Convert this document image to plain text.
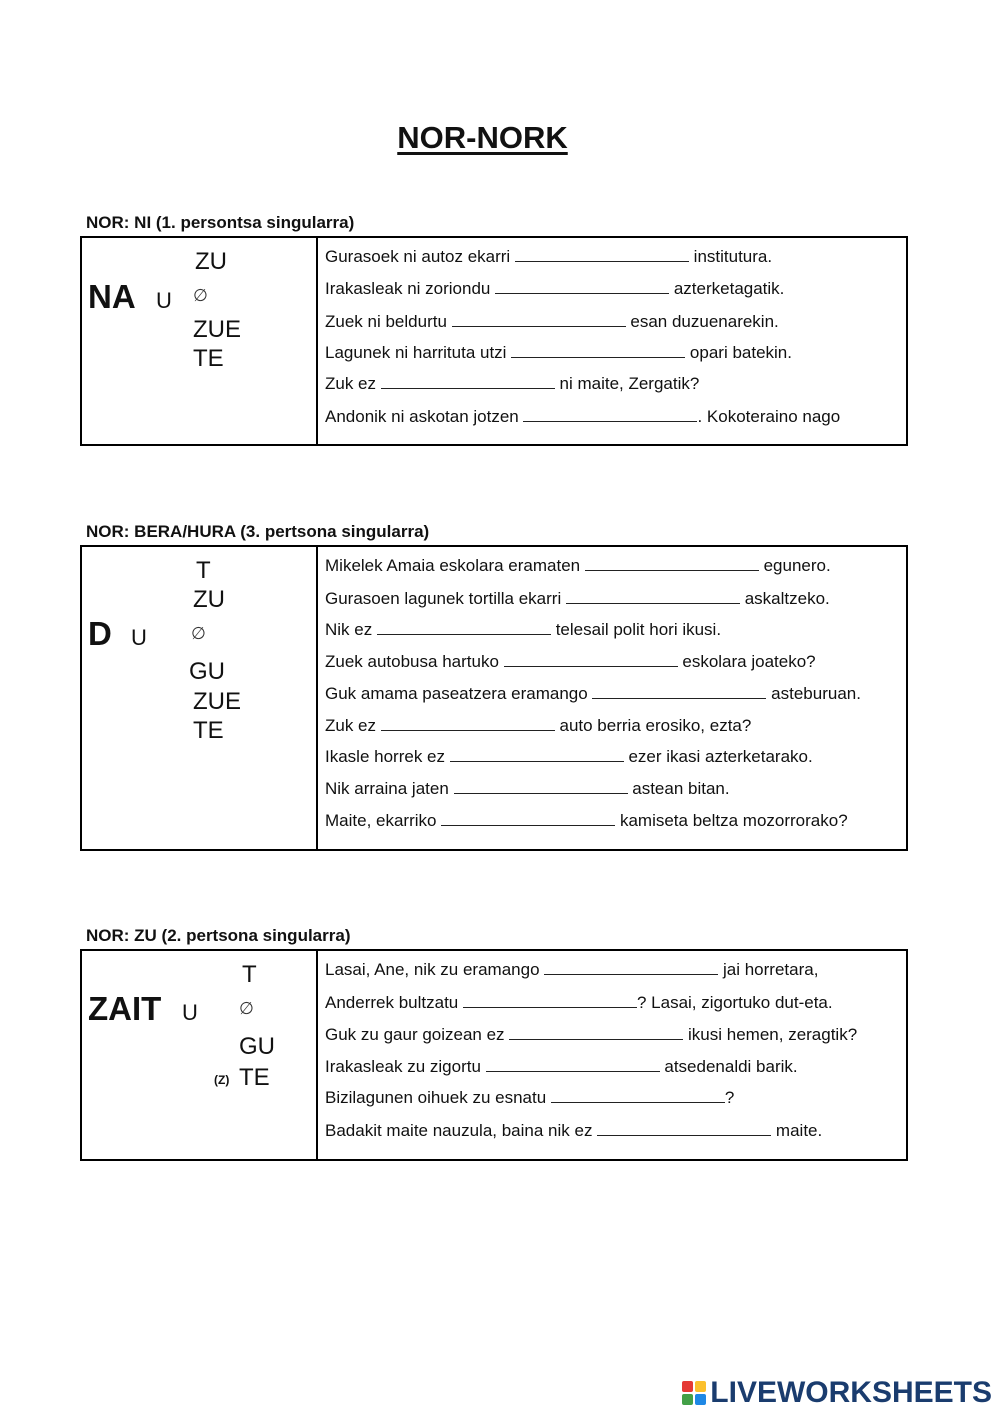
NOR-NORK
NOR: NI (1. persontsa singularra)
NA U
ZU
∅
ZUE
TE
Gurasoek ni autoz ekarri	institutura.
Irakasleak ni zoriondu	azterketagatik.
Zuek ni beldurtu	esan duzuenarekin.
Lagunek ni harrituta utzi	opari batekin.
Zuk ez	ni maite, Zergatik?
Andonik ni askotan jotzen	. Kokoteraino nago
NOR: BERA/HURA (3. pertsona singularra)
D U
T
ZU
∅
GU
ZUE
TE
Mikelek Amaia eskolara eramaten	egunero.
Gurasoen lagunek tortilla ekarri	askaltzeko.
Nik ez	telesail polit hori ikusi.
Zuek autobusa hartuko	eskolara joateko?
Guk amama paseatzera eramango	asteburuan.
Zuk ez	auto berria erosiko, ezta?
Ikasle horrek ez	ezer ikasi azterketarako.
Nik arraina jaten	astean bitan.
Maite, ekarriko	kamiseta beltza mozorrorako?
NOR: ZU (2. pertsona singularra)
ZAIT U
T
∅
GU
TE
(Z)
Lasai, Ane, nik zu eramango	jai horretara,
Anderrek bultzatu	? Lasai, zigortuko dut-eta.
Guk zu gaur goizean ez	ikusi hemen, zeragtik?
Irakasleak zu zigortu	atsedenaldi barik.
Bizilagunen oihuek zu esnatu	?
Badakit maite nauzula, baina nik ez	maite.
LIVEWORKSHEETS
